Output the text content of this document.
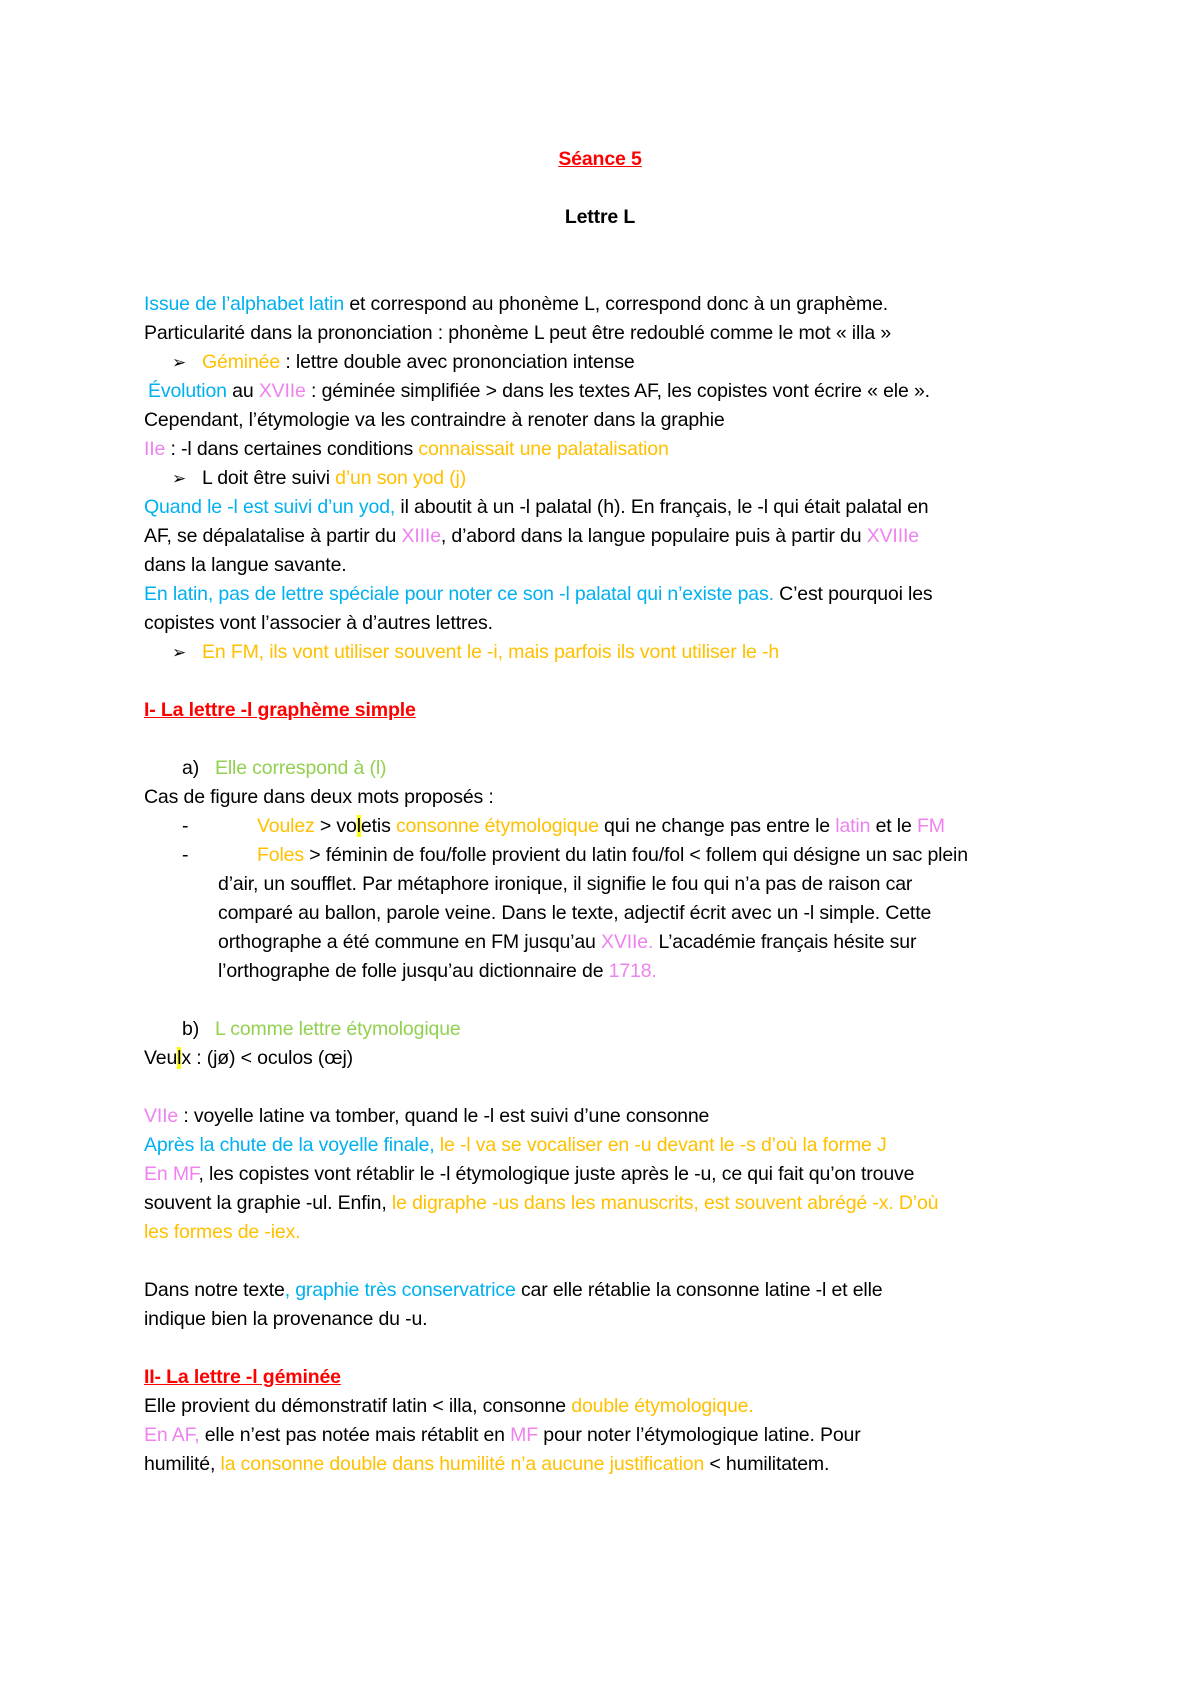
Séance 5
Lettre L
Issue de l’alphabet latin et correspond au phonème L, correspond donc à un graphème.
Particularité dans la prononciation : phonème L peut être redoublé comme le mot « illa »
➢ Géminée : lettre double avec prononciation intense
Évolution au XVIIe : géminée simplifiée > dans les textes AF, les copistes vont écrire « ele ».
Cependant, l’étymologie va les contraindre à renoter dans la graphie
IIe : -l dans certaines conditions connaissait une palatalisation
➢ L doit être suivi d’un son yod (j)
Quand le -l est suivi d’un yod, il aboutit à un -l palatal (h). En français, le -l qui était palatal en
AF, se dépalatalise à partir du XIIIe, d’abord dans la langue populaire puis à partir du XVIIIe
dans la langue savante.
En latin, pas de lettre spéciale pour noter ce son -l palatal qui n’existe pas. C’est pourquoi les
copistes vont l’associer à d’autres lettres.
➢ En FM, ils vont utiliser souvent le -i, mais parfois ils vont utiliser le -h
I- La lettre -l graphème simple
a) Elle correspond à (l)
Cas de figure dans deux mots proposés :
-	Voulez > voletis consonne étymologique qui ne change pas entre le latin et le FM
-	Foles > féminin de fou/folle provient du latin fou/fol < follem qui désigne un sac plein
d’air, un soufflet. Par métaphore ironique, il signifie le fou qui n’a pas de raison car
comparé au ballon, parole veine. Dans le texte, adjectif écrit avec un -l simple. Cette
orthographe a été commune en FM jusqu’au XVIIe. L’académie français hésite sur
l’orthographe de folle jusqu’au dictionnaire de 1718.
b) L comme lettre étymologique
Veulx : (jø) < oculos (œj)
VIIe : voyelle latine va tomber, quand le -l est suivi d’une consonne
Après la chute de la voyelle finale, le -l va se vocaliser en -u devant le -s d’où la forme J
En MF, les copistes vont rétablir le -l étymologique juste après le -u, ce qui fait qu’on trouve
souvent la graphie -ul. Enfin, le digraphe -us dans les manuscrits, est souvent abrégé -x. D’où
les formes de -iex.
Dans notre texte, graphie très conservatrice car elle rétablie la consonne latine -l et elle
indique bien la provenance du -u.
II- La lettre -l géminée
Elle provient du démonstratif latin < illa, consonne double étymologique.
En AF, elle n’est pas notée mais rétablit en MF pour noter l’étymologique latine. Pour
humilité, la consonne double dans humilité n’a aucune justification < humilitatem.
